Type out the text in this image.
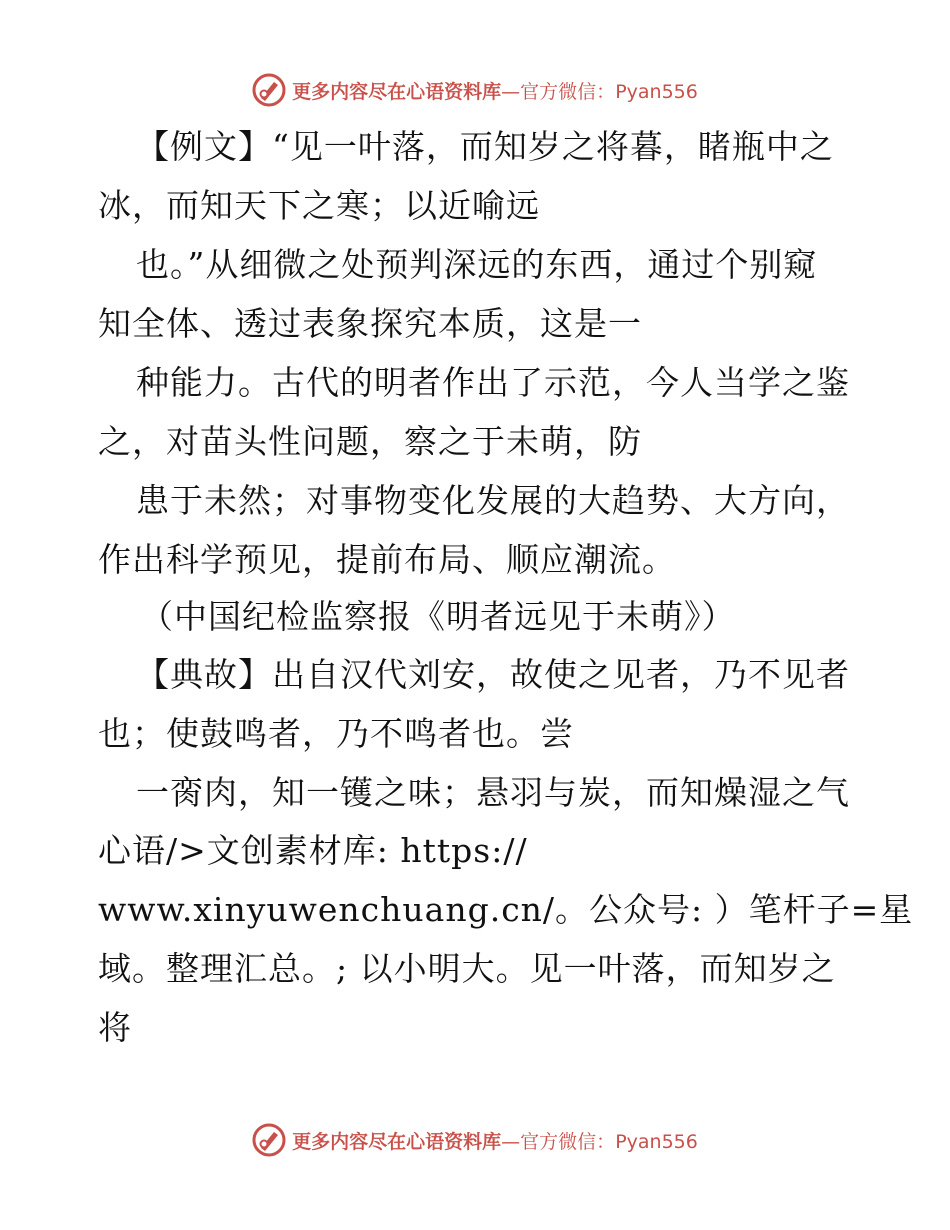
更多内容尽在心语资料库—官方微信：Pyan556
【例文】“见一叶落，而知岁之将暮，睹瓶中之
冰，而知天下之寒；以近喻远
也。”从细微之处预判深远的东西，通过个别窥
知全体、透过表象探究本质，这是一
种能力。古代的明者作出了示范，今人当学之鉴
之，对苗头性问题，察之于未萌，防
患于未然；对事物变化发展的大趋势、大方向，
作出科学预见，提前布局、顺应潮流。
（中国纪检监察报《明者远见于未萌》）
【典故】出自汉代刘安，故使之见者，乃不见者
也；使鼓鸣者，乃不鸣者也。尝
一脔肉，知一镬之味；悬羽与炭，而知燥湿之气
心语/>文创素材库: https://
www.xinyuwenchuang.cn/。公众号: ）笔杆子=星
域。整理汇总。; 以小明大。见一叶落，而知岁之
将
更多内容尽在心语资料库—官方微信：Pyan556
